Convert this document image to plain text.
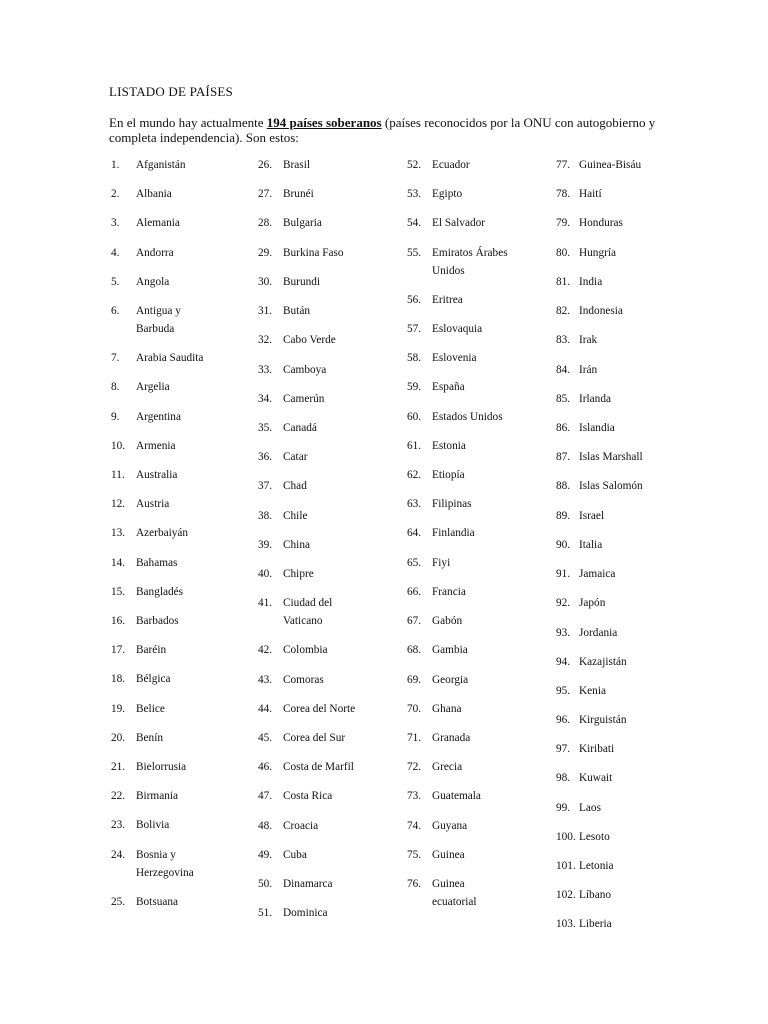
LISTADO DE PAÍSES
En el mundo hay actualmente 194 países soberanos (países reconocidos por la ONU con autogobierno y completa independencia). Son estos:
1. Afganistán
2. Albania
3. Alemania
4. Andorra
5. Angola
6. Antigua y
Barbuda
7. Arabia Saudita
8. Argelia
9. Argentina
10. Armenia
11. Australia
12. Austria
13. Azerbaiyán
14. Bahamas
15. Bangladés
16. Barbados
17. Baréin
18. Bélgica
19. Belice
20. Benín
21. Bielorrusia
22. Birmania
23. Bolivia
24. Bosnia y
Herzegovina
25. Botsuana
26. Brasil
27. Brunéi
28. Bulgaria
29. Burkina Faso
30. Burundi
31. Bután
32. Cabo Verde
33. Camboya
34. Camerún
35. Canadá
36. Catar
37. Chad
38. Chile
39. China
40. Chipre
41. Ciudad del
Vaticano
42. Colombia
43. Comoras
44. Corea del Norte
45. Corea del Sur
46. Costa de Marfil
47. Costa Rica
48. Croacia
49. Cuba
50. Dinamarca
51. Dominica
52. Ecuador
53. Egipto
54. El Salvador
55. Emiratos Árabes
Unidos
56. Eritrea
57. Eslovaquia
58. Eslovenia
59. España
60. Estados Unidos
61. Estonia
62. Etiopía
63. Filipinas
64. Finlandia
65. Fiyi
66. Francia
67. Gabón
68. Gambia
69. Georgia
70. Ghana
71. Granada
72. Grecia
73. Guatemala
74. Guyana
75. Guinea
76. Guinea
ecuatorial
77. Guinea-Bisáu
78. Haití
79. Honduras
80. Hungría
81. India
82. Indonesia
83. Irak
84. Irán
85. Irlanda
86. Islandia
87. Islas Marshall
88. Islas Salomón
89. Israel
90. Italia
91. Jamaica
92. Japón
93. Jordania
94. Kazajistán
95. Kenia
96. Kirguistán
97. Kiribati
98. Kuwait
99. Laos
100. Lesoto
101. Letonia
102. Líbano
103. Liberia
